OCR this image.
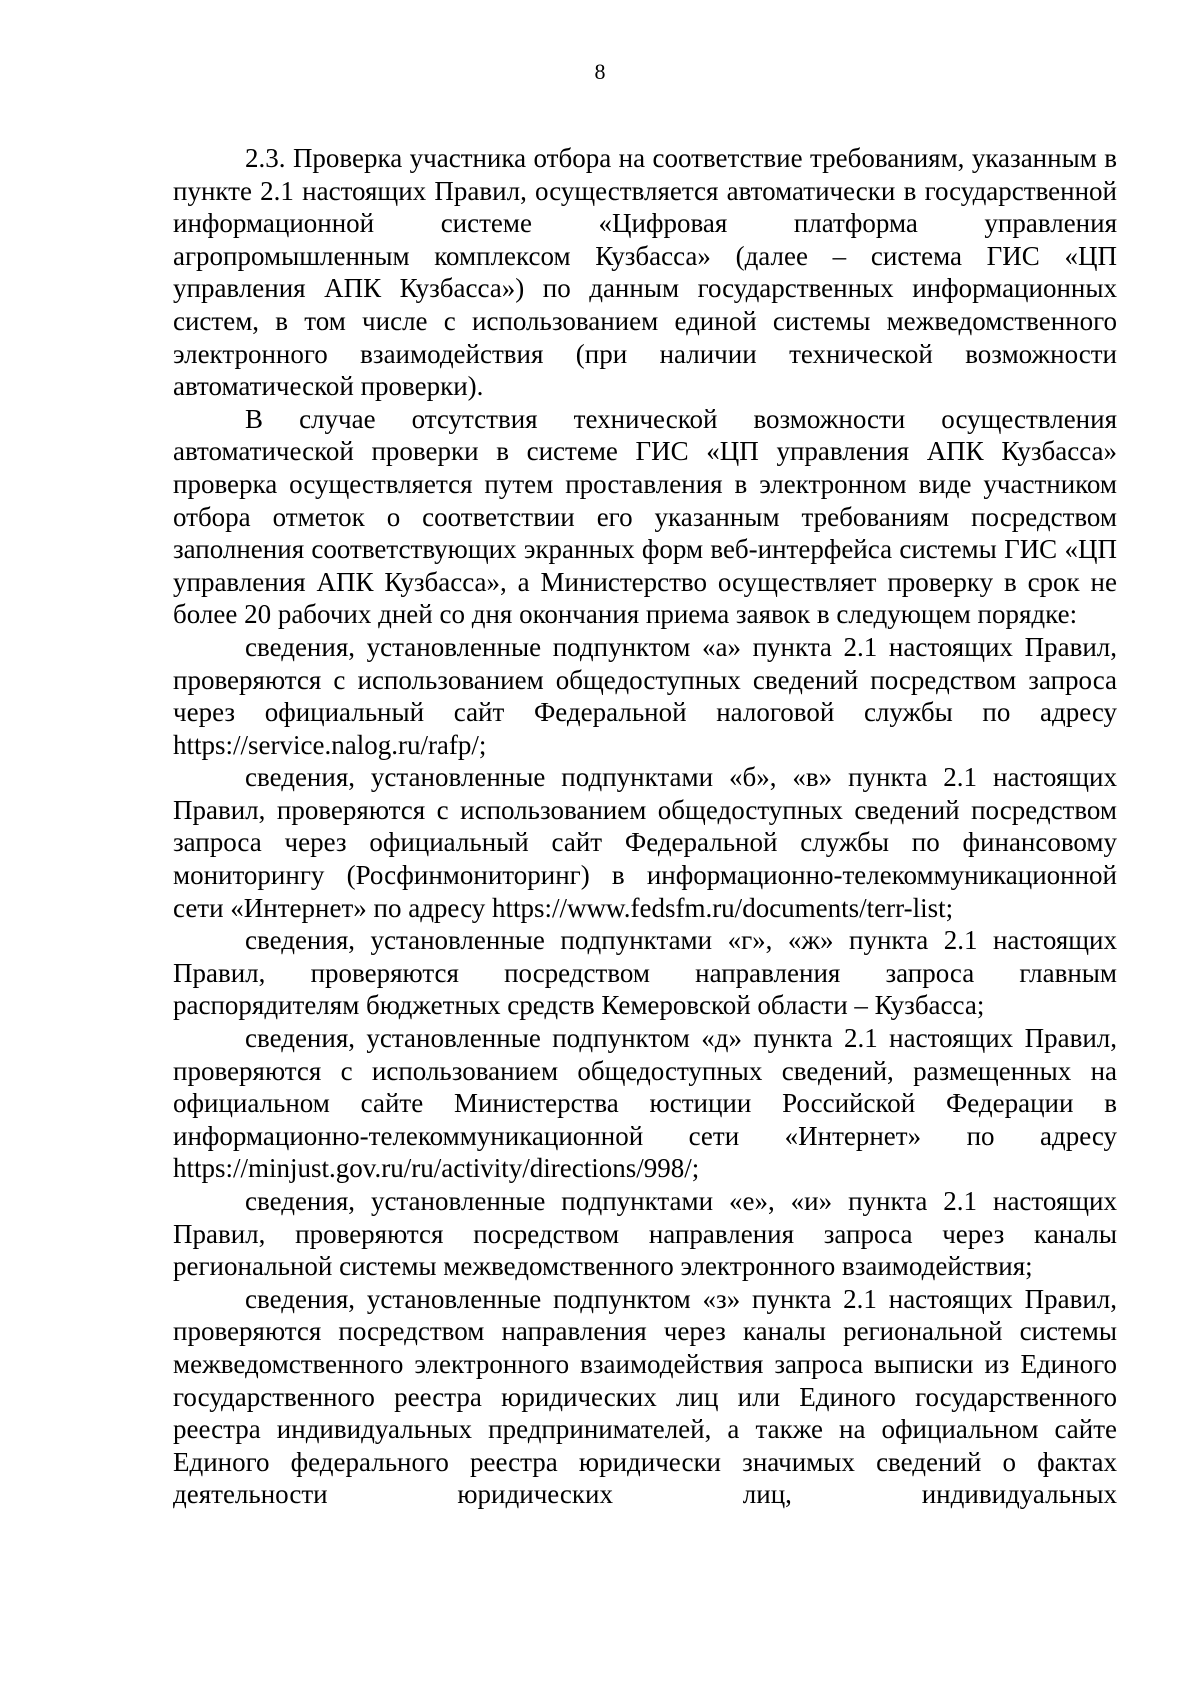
8

2.3. Проверка участника отбора на соответствие требованиям, указанным в пункте 2.1 настоящих Правил, осуществляется автоматически в государственной информационной системе «Цифровая платформа управления агропромышленным комплексом Кузбасса» (далее – система ГИС «ЦП управления АПК Кузбасса») по данным государственных информационных систем, в том числе с использованием единой системы межведомственного электронного взаимодействия (при наличии технической возможности автоматической проверки).

В случае отсутствия технической возможности осуществления автоматической проверки в системе ГИС «ЦП управления АПК Кузбасса» проверка осуществляется путем проставления в электронном виде участником отбора отметок о соответствии его указанным требованиям посредством заполнения соответствующих экранных форм веб-интерфейса системы ГИС «ЦП управления АПК Кузбасса», а Министерство осуществляет проверку в срок не более 20 рабочих дней со дня окончания приема заявок в следующем порядке:

сведения, установленные подпунктом «а» пункта 2.1 настоящих Правил, проверяются с использованием общедоступных сведений посредством запроса через официальный сайт Федеральной налоговой службы по адресу https://service.nalog.ru/rafp/;

сведения, установленные подпунктами «б», «в» пункта 2.1 настоящих Правил, проверяются с использованием общедоступных сведений посредством запроса через официальный сайт Федеральной службы по финансовому мониторингу (Росфинмониторинг) в информационно-телекоммуникационной сети «Интернет» по адресу https://www.fedsfm.ru/documents/terr-list;

сведения, установленные подпунктами «г», «ж» пункта 2.1 настоящих Правил, проверяются посредством направления запроса главным распорядителям бюджетных средств Кемеровской области – Кузбасса;

сведения, установленные подпунктом «д» пункта 2.1 настоящих Правил, проверяются с использованием общедоступных сведений, размещенных на официальном сайте Министерства юстиции Российской Федерации в информационно-телекоммуникационной сети «Интернет» по адресу https://minjust.gov.ru/ru/activity/directions/998/;

сведения, установленные подпунктами «е», «и» пункта 2.1 настоящих Правил, проверяются посредством направления запроса через каналы региональной системы межведомственного электронного взаимодействия;

сведения, установленные подпунктом «з» пункта 2.1 настоящих Правил, проверяются посредством направления через каналы региональной системы межведомственного электронного взаимодействия запроса выписки из Единого государственного реестра юридических лиц или Единого государственного реестра индивидуальных предпринимателей, а также на официальном сайте Единого федерального реестра юридически значимых сведений о фактах деятельности юридических лиц, индивидуальных
